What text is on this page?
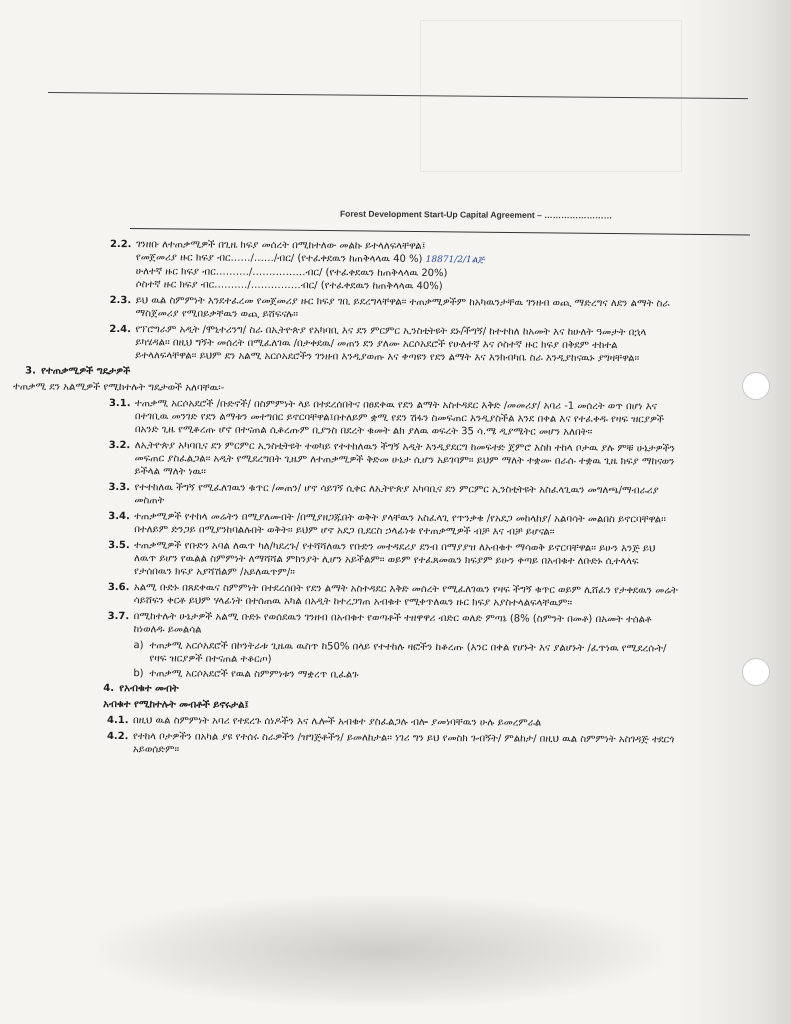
Forest Development Start-Up Capital Agreement – ……………………
2.2. ገንዘቡ ለተጠቃሚዎች በጊዜ ክፍያ መሰረት በሚከተለው መልኩ ይተላለፍላቸዋል፤
የመጀመሪያ ዙር ክፍያ ብር……/……/ብር/ (የተፈቀደዉን ከጠቅላላዉ 40 %) 18871/2/1ልጅ
ሁለተኛ ዙር ክፍያ ብር………./…………….ብር/ (የተፈቀደዉን ከጠቅላላዉ 20%)
ሶስተኛ ዙር ክፍያ ብር………./……………ብር/ (የተፈቀደዉን ከጠቅላላዉ 40%)
2.3. ይህ ዉል ስምምነት እንደተፈረመ የመጀመሪያ ዙር ክፍያ ገቢ ይደረግላቸዋል፡፡ ተጠቃሚዎችም ከአካዉንታቸዉ ገንዘብ ወጪ ማድረግና ለደን ልማት ስራ ማስጀመሪያ የሚበይቃቸዉን ወጪ ይሸፍናሉ፡፡
2.4. የፕሮግራም አዲት /ሞኒተሪንግ/ ስራ በኢትዮጵያ የአካባቢ እና ደን ምርምር ኢንስቲትዩት ደኑ/ችግኝ/ ከተተከለ ከአመት እና ከሁለት ዓመታት በኋላ ይካሄዳል፡፡ በዚህ ግኝት መሰረት በሚፈለገዉ /በታቀደዉ/ መጠን ደን ያለሙ አርሶአደሮች የሁለተኛ እና ሶስተኛ ዙር ክፍያ በቅደም ተከተል ይተላለፍላቸዋል፡፡ ይህም ደን አልሚ አርሶአደሮችን ገንዘብ እንዲያወጡ እና ቀጣዩን የደን ልማት እና እንክብካቤ ስራ እንዲያከናዉኑ ያግዛቸዋል፡፡
3. የተጠቃሚዎች ግዴታዎች
ተጠቃሚ ደን አልሚዎች የሚከተሉት ግዴታወች አለባቸዉ፡-
3.1. ተጠቃሚ አርሶአደሮች /ቡድኖች/ በስምምነት ላይ በተደረሰበትና በፀደቀዉ የደን ልማት አስተዳደር እቅድ /መመሪያ/ አባሪ -1 መሰረት ወጥ በሆነ እና በተገቢዉ መንገድ የደን ልማቱን መተግበር ይኖርባቸዋል፤በተለይም ቋሚ የደን ሽፋን ስመፍጠር እንዲያስችል እንደ በቀል እና የተፈቀዱ የዛፍ ዝርያዎች በአንድ ጊዜ የሚቆረጡ ሆኖ በተናጠል ሲቆረጡም ቢያንስ በደረት ቁመት ልክ ያለዉ ወፍረት 35 ሳ.ሜ ዲያሜትር መሆን አለበት፡፡
3.2. ለኢትዮጵያ አካባቢና ደን ምርምር ኢንስቲትዩት ተወካይ የተተከለዉን ችግኝ አዲት እንዲያደርግ ከመፍተድ ጀምሮ እስከ ተከላ ቦታዉ ያሉ ምቹ ሁኔታዎችን መፍጠር ያስፈልጋል፡፡ አዲት የሚደረግበት ጊዜም ለተጠቃሚዎች ቅድመ ሁኔታ ሲሆን አይገባም፡፡ ይህም ማለት ተቋሙ በራሱ ተቋዉ ጊዜ ክፍያ ማከናወን ይችላል ማለት ነዉ፡፡
3.3. የተተከለዉ ችግኝ የሚፈለገዉን ቁጥር /መጠን/ ሆኖ ሳይገኝ ሲቀር ለኢትዮጵያ አካባቢና ደን ምርምር ኢንስቲትዩት አስፈላጊዉን መግለጫ/ማብራሪያ መስጠት
3.4. ተጠቃሚዎች የተከላ መሬትን በሚያለሙበት /በሚያዘጋጁበት ወቅት ያላቸዉን አስፈላጊ የጥንቃቄ /የአደጋ መከላከያ/ አልባሳት መልበስ ይኖርባቸዋል፡፡ በተለይም ድንጋይ በሚያንከባልሉበት ወቅት፡፡ ይህም ሆኖ አደጋ ቢደርስ ኃላፊነቱ የተጠቃሚዎች ብቻ እና ብቻ ይሆናል፡፡
3.5. ተጠቃሚዎች የቡድን አባል ለዉጥ ካለ/ካደረጉ/ የተሻሻለዉን የቡድን መተዳደሪያ ደንብ በማያያዝ ለአብቁተ ማሳወቅ ይኖርባቸዋል፡፡ ይሁን እንጅ ይህ ለዉጥ ይሆን የዉልል ስምምነት ለማሻሻል ምክንያት ሊሆን አይችልም፡፡ ወይም የተፈጸመዉን ክፍያም ይሁን ቀጣይ በአብቁተ ለቡድኑ ሲተላላፍ የታሰበዉን ክፍያ አያሻሽልም /አይለዉጥም/፡፡
3.6. አልሚ ቡድኑ በጸደቀዉና ስምምነት በተደረሰበት የደን ልማት አስተዳደር እቅድ መሰረት የሚፈለገዉን የዛፍ ችግኝ ቁጥር ወይም ሊሸፈን የታቀደዉን መሬት ሳይሸፍን ቀርቶ ይህም ሃላፊነት በተሰጠዉ አካል በአዲት ከተረጋገጠ አብቁተ የሚቀጥለዉን ዙር ክፍያ አያስተላልፍላቸዉም፡፡
3.7. በሚከተሉት ሁኔታዎች አልሚ ቡድኑ የወሰደዉን ገንዘብ በአብቁተ የወጣቶች ተዘዋዋሪ ብድር ወለድ ምጣኔ (8% (ስምንት በመቶ) በአመት ተሰልቶ ከነወለዱ ይመልሳል
a) ተጠቃሚ አርሶአደሮች በኮንትራቱ ጊዜዉ ዉስጥ ከ50% በላይ የተተከሉ ዛፎችን ከቆረጡ (እንር በቀል የሆኑት እና ያልሆኑት /ፈጥነዉ የሚደረሱት/ የዛፍ ዝርያዎች በተናጠል ተቆርጦ)
b) ተጠቃሚ አርሶአደሮች የዉል ስምምነቱን ማቋረጥ ቢፈልጉ
4. የአብቁተ መብት
አብቁተ የሚከተሉት መብቶች ይኖሩታል፤
4.1. በዚህ ዉል ስምምነት አባሪ የተደረጉ ሰነዶችን እና ሌሎች አብቁተ ያስፈልጋሉ ብሎ ያመነባቸዉን ሁሉ ይመረምራል
4.2. የተከላ ቦታዎችን በአካል ያዩ የተሰሩ ስራዎችን /ዝግጅቶችን/ ይመለከታል፡፡ ነገሪ ግን ይህ የመስክ ጉብኝት/ ምልከታ/ በዚህ ዉል ስምምነት አስገዳጅ ተደርጎ አይወሰድም፡፡
